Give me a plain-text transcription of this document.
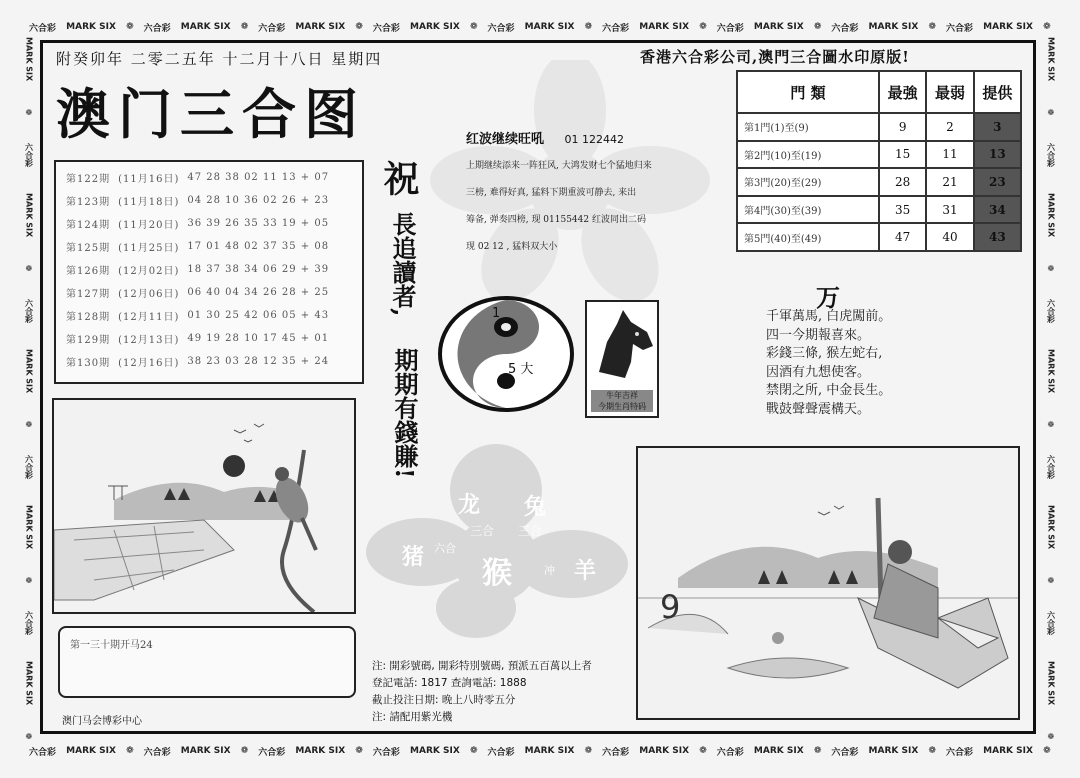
六合彩 MARK SIX ❁ 六合彩 MARK SIX ❁ 六合彩 MARK SIX ❁ 六合彩 MARK SIX ❁ 六合彩 MARK SIX ❁ 六合彩 MARK SIX ❁ 六合彩 MARK SIX ❁ 六合彩 MARK SIX ❁ 六合彩 MARK SIX ❁
六合彩 MARK SIX ❁ 六合彩 MARK SIX ❁ 六合彩 MARK SIX ❁ 六合彩 MARK SIX ❁ 六合彩 MARK SIX ❁ 六合彩 MARK SIX ❁ 六合彩 MARK SIX ❁ 六合彩 MARK SIX ❁ 六合彩 MARK SIX ❁
MARK SIX
❁
六合彩
MARK SIX
❁
六合彩
MARK SIX
❁
六合彩
MARK SIX
❁
六合彩
MARK SIX
❁
MARK SIX
❁
六合彩
MARK SIX
❁
六合彩
MARK SIX
❁
六合彩
MARK SIX
❁
六合彩
MARK SIX
❁
附癸卯年 二零二五年 十二月十八日 星期四
澳门三合图
香港六合彩公司,澳門三合圖水印原版!
第122期	(11月16日)	47 28 38 02 11 13 + 07
第123期	(11月18日)	04 28 10 36 02 26 + 23
第124期	(11月20日)	36 39 26 35 33 19 + 05
第125期	(11月25日)	17 01 48 02 37 35 + 08
第126期	(12月02日)	18 37 38 34 06 29 + 39
第127期	(12月06日)	06 40 04 34 26 28 + 25
第128期	(12月11日)	01 30 25 42 06 05 + 43
第129期	(12月13日)	49 19 28 10 17 45 + 01
第130期	(12月16日)	38 23 03 28 12 35 + 24
祝
長追讀者,
期期有錢賺!
红波继续旺吼 01 122442
上期继续添来一阵狂风, 大鸿发财七个猛地归来
三榜, 难得好真, 猛料下期重波可静去, 来出
筹备, 弹奏四榜, 现 01155442 红波同出二码
现 02 12 , 猛料双大小
1
5 大
牛年吉祥
今期生肖特码
門 類	最強	最弱	提供
第1門(1)至(9)	9	2	3
第2門(10)至(19)	15	11	13
第3門(20)至(29)	28	21	23
第4門(30)至(39)	35	31	34
第5門(40)至(49)	47	40	43
万
千軍萬馬, 白虎闖前。
四一今期報喜來。
彩錢三條, 猴左蛇右,
因酒有九想使客。
禁閉之所, 中金長生。
戰鼓聲聲震構天。
第一三十期开马24
澳门马会博彩中心
龙 兔
三合 三合
猪 六合
猴	冲 羊
注: 開彩號碼, 開彩特別號碼, 預派五百萬以上者
登記電話: 1817 查詢電話: 1888
截止投注日期: 晚上八時零五分
注: 請配用紫光機
9
